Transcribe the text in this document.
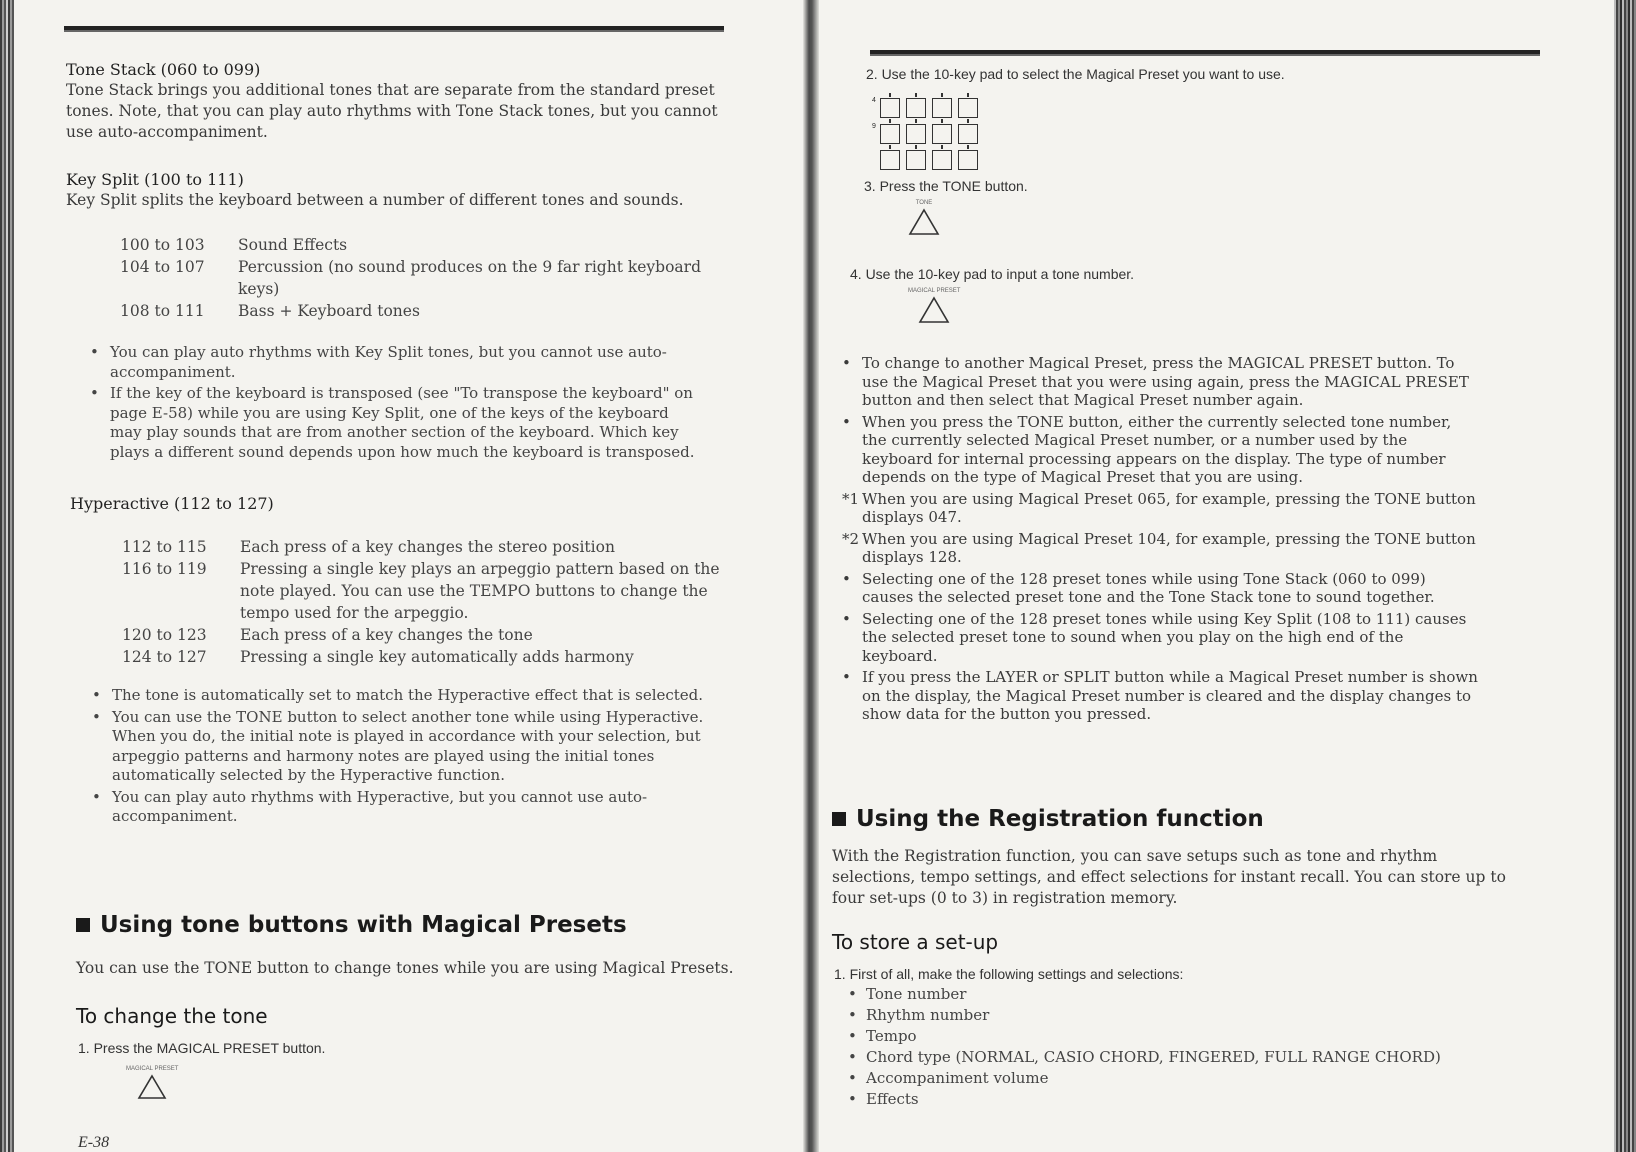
Tone Stack (060 to 099)
Tone Stack brings you additional tones that are separate from the standard preset tones. Note, that you can play auto rhythms with Tone Stack tones, but you cannot use auto-accompaniment.
Key Split (100 to 111)
Key Split splits the keyboard between a number of different tones and sounds.
100 to 103	Sound Effects
104 to 107	Percussion (no sound produces on the 9 far right keyboard keys)
108 to 111	Bass + Keyboard tones
• You can play auto rhythms with Key Split tones, but you cannot use auto-accompaniment.
• If the key of the keyboard is transposed (see "To transpose the keyboard" on page E-58) while you are using Key Split, one of the keys of the keyboard may play sounds that are from another section of the keyboard. Which key plays a different sound depends upon how much the keyboard is transposed.
Hyperactive (112 to 127)
112 to 115	Each press of a key changes the stereo position
116 to 119	Pressing a single key plays an arpeggio pattern based on the note played. You can use the TEMPO buttons to change the tempo used for the arpeggio.
120 to 123	Each press of a key changes the tone
124 to 127	Pressing a single key automatically adds harmony
• The tone is automatically set to match the Hyperactive effect that is selected.
• You can use the TONE button to select another tone while using Hyperactive. When you do, the initial note is played in accordance with your selection, but arpeggio patterns and harmony notes are played using the initial tones automatically selected by the Hyperactive function.
• You can play auto rhythms with Hyperactive, but you cannot use auto-accompaniment.
Using tone buttons with Magical Presets
You can use the TONE button to change tones while you are using Magical Presets.
To change the tone
1. Press the MAGICAL PRESET button.
MAGICAL PRESET
E-38
2. Use the 10-key pad to select the Magical Preset you want to use.
4
9
3. Press the TONE button.
TONE
4. Use the 10-key pad to input a tone number.
MAGICAL PRESET
• To change to another Magical Preset, press the MAGICAL PRESET button. To use the Magical Preset that you were using again, press the MAGICAL PRESET button and then select that Magical Preset number again.
• When you press the TONE button, either the currently selected tone number, the currently selected Magical Preset number, or a number used by the keyboard for internal processing appears on the display. The type of number depends on the type of Magical Preset that you are using.
*1 When you are using Magical Preset 065, for example, pressing the TONE button displays 047.
*2 When you are using Magical Preset 104, for example, pressing the TONE button displays 128.
• Selecting one of the 128 preset tones while using Tone Stack (060 to 099) causes the selected preset tone and the Tone Stack tone to sound together.
• Selecting one of the 128 preset tones while using Key Split (108 to 111) causes the selected preset tone to sound when you play on the high end of the keyboard.
• If you press the LAYER or SPLIT button while a Magical Preset number is shown on the display, the Magical Preset number is cleared and the display changes to show data for the button you pressed.
Using the Registration function
With the Registration function, you can save setups such as tone and rhythm selections, tempo settings, and effect selections for instant recall. You can store up to four set-ups (0 to 3) in registration memory.
To store a set-up
1. First of all, make the following settings and selections:
• Tone number
• Rhythm number
• Tempo
• Chord type (NORMAL, CASIO CHORD, FINGERED, FULL RANGE CHORD)
• Accompaniment volume
• Effects
